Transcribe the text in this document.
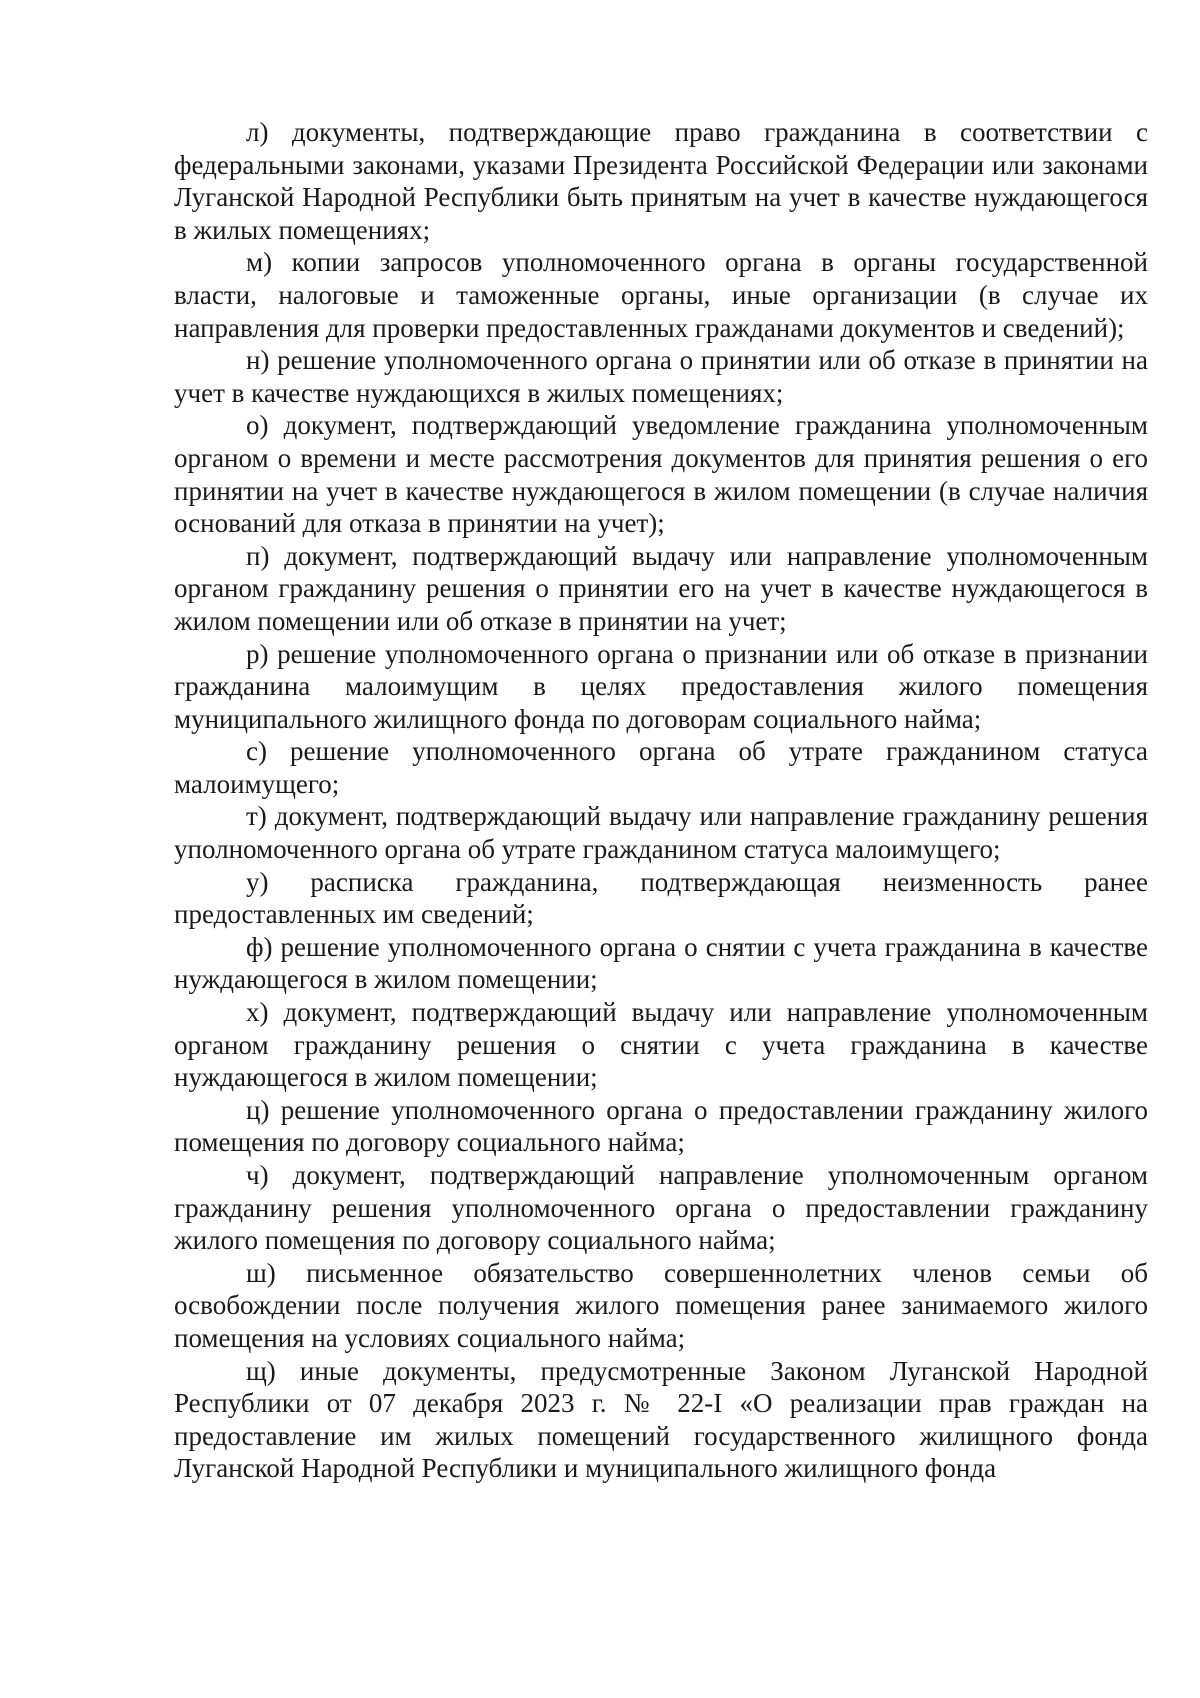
л) документы, подтверждающие право гражданина в соответствии с федеральными законами, указами Президента Российской Федерации или законами Луганской Народной Республики быть принятым на учет в качестве нуждающегося в жилых помещениях;

м) копии запросов уполномоченного органа в органы государственной власти, налоговые и таможенные органы, иные организации (в случае их направления для проверки предоставленных гражданами документов и сведений);

н) решение уполномоченного органа о принятии или об отказе в принятии на учет в качестве нуждающихся в жилых помещениях;

о) документ, подтверждающий уведомление гражданина уполномоченным органом о времени и месте рассмотрения документов для принятия решения о его принятии на учет в качестве нуждающегося в жилом помещении (в случае наличия оснований для отказа в принятии на учет);

п) документ, подтверждающий выдачу или направление уполномоченным органом гражданину решения о принятии его на учет в качестве нуждающегося в жилом помещении или об отказе в принятии на учет;

р) решение уполномоченного органа о признании или об отказе в признании гражданина малоимущим в целях предоставления жилого помещения муниципального жилищного фонда по договорам социального найма;

с) решение уполномоченного органа об утрате гражданином статуса малоимущего;

т) документ, подтверждающий выдачу или направление гражданину решения уполномоченного органа об утрате гражданином статуса малоимущего;

у) расписка гражданина, подтверждающая неизменность ранее предоставленных им сведений;

ф) решение уполномоченного органа о снятии с учета гражданина в качестве нуждающегося в жилом помещении;

х) документ, подтверждающий выдачу или направление уполномоченным органом гражданину решения о снятии с учета гражданина в качестве нуждающегося в жилом помещении;

ц) решение уполномоченного органа о предоставлении гражданину жилого помещения по договору социального найма;

ч) документ, подтверждающий направление уполномоченным органом гражданину решения уполномоченного органа о предоставлении гражданину жилого помещения по договору социального найма;

ш) письменное обязательство совершеннолетних членов семьи об освобождении после получения жилого помещения ранее занимаемого жилого помещения на условиях социального найма;

щ) иные документы, предусмотренные Законом Луганской Народной Республики от 07 декабря 2023 г. № 22-I «О реализации прав граждан на предоставление им жилых помещений государственного жилищного фонда Луганской Народной Республики и муниципального жилищного фонда
